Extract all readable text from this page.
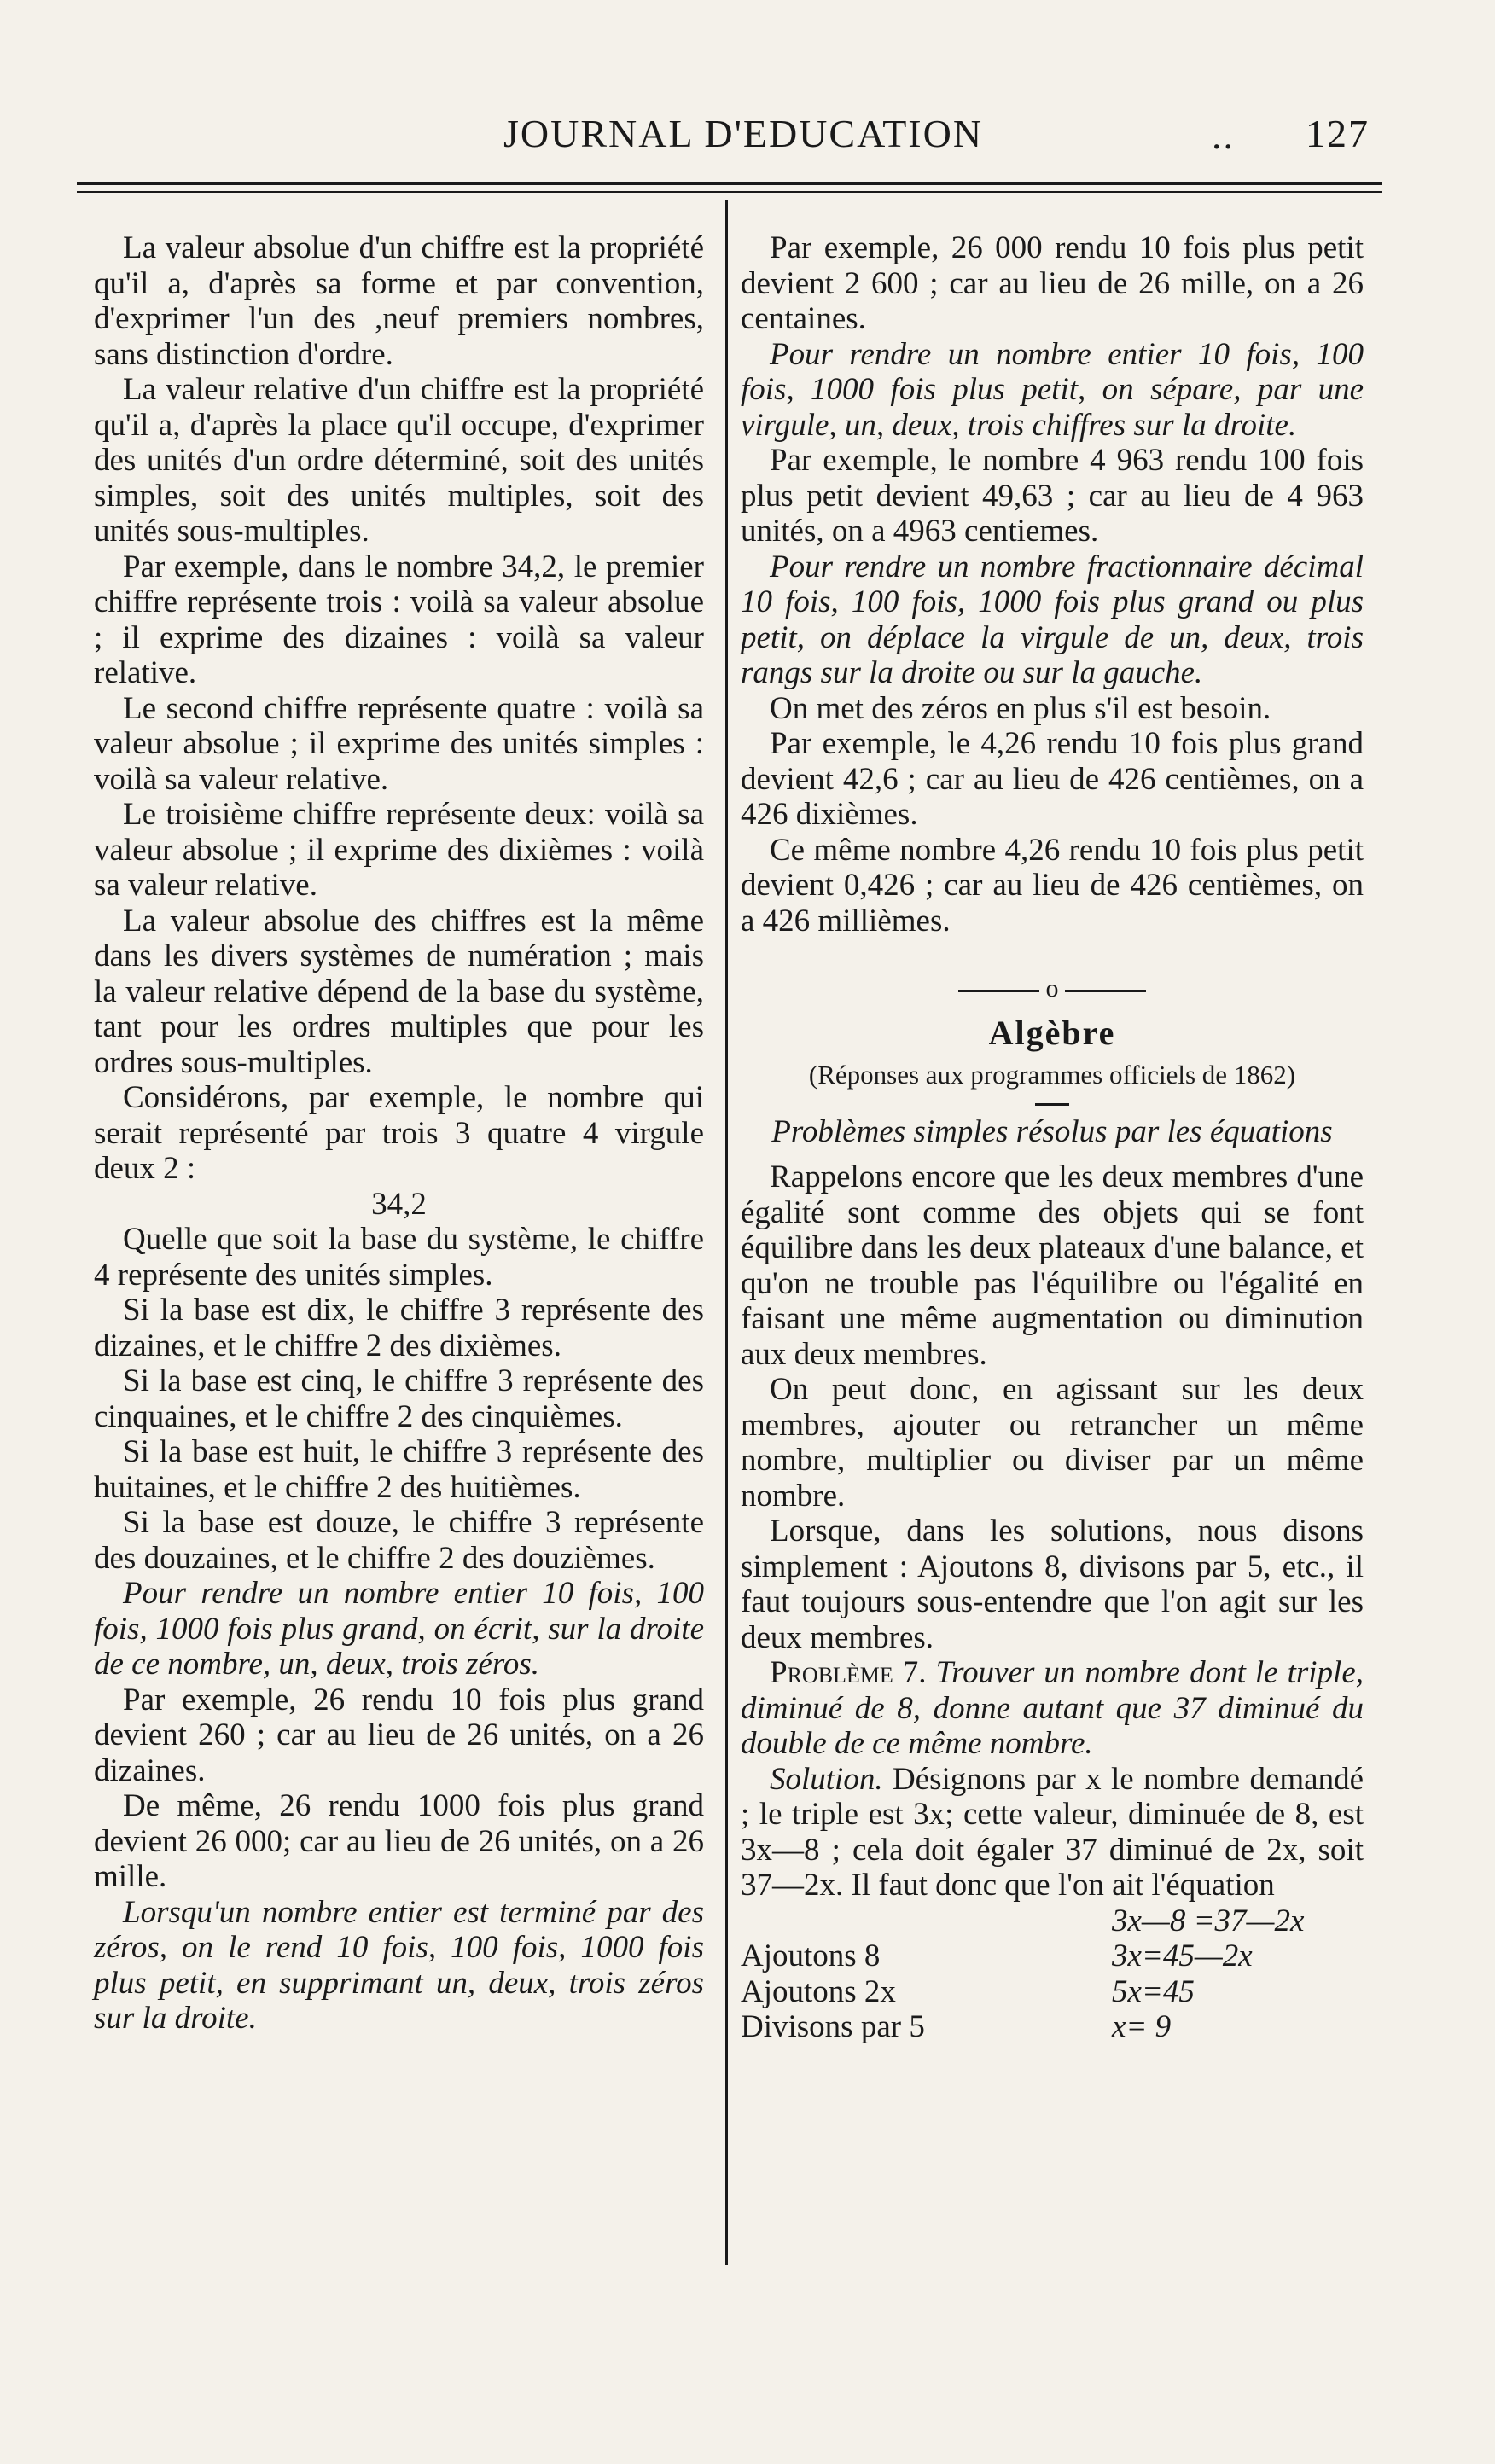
JOURNAL D'EDUCATION	.. 127

La valeur absolue d'un chiffre est la propriété qu'il a, d'après sa forme et par convention, d'exprimer l'un des ,neuf premiers nombres, sans distinction d'ordre.

La valeur relative d'un chiffre est la propriété qu'il a, d'après la place qu'il occupe, d'exprimer des unités d'un ordre déterminé, soit des unités simples, soit des unités multiples, soit des unités sous-multiples.

Par exemple, dans le nombre 34,2, le premier chiffre représente trois : voilà sa valeur absolue ; il exprime des dizaines : voilà sa valeur relative.

Le second chiffre représente quatre : voilà sa valeur absolue ; il exprime des unités simples : voilà sa valeur relative.

Le troisième chiffre représente deux: voilà sa valeur absolue ; il exprime des dixièmes : voilà sa valeur relative.

La valeur absolue des chiffres est la même dans les divers systèmes de numération ; mais la valeur relative dépend de la base du système, tant pour les ordres multiples que pour les ordres sous-multiples.

Considérons, par exemple, le nombre qui serait représenté par trois 3 quatre 4 virgule deux 2 :

34,2

Quelle que soit la base du système, le chiffre 4 représente des unités simples.

Si la base est dix, le chiffre 3 représente des dizaines, et le chiffre 2 des dixièmes.

Si la base est cinq, le chiffre 3 représente des cinquaines, et le chiffre 2 des cinquièmes.

Si la base est huit, le chiffre 3 représente des huitaines, et le chiffre 2 des huitièmes.

Si la base est douze, le chiffre 3 représente des douzaines, et le chiffre 2 des douzièmes.

Pour rendre un nombre entier 10 fois, 100 fois, 1000 fois plus grand, on écrit, sur la droite de ce nombre, un, deux, trois zéros.

Par exemple, 26 rendu 10 fois plus grand devient 260 ; car au lieu de 26 unités, on a 26 dizaines.

De même, 26 rendu 1000 fois plus grand devient 26 000; car au lieu de 26 unités, on a 26 mille.

Lorsqu'un nombre entier est terminé par des zéros, on le rend 10 fois, 100 fois, 1000 fois plus petit, en supprimant un, deux, trois zéros sur la droite.

Par exemple, 26 000 rendu 10 fois plus petit devient 2 600 ; car au lieu de 26 mille, on a 26 centaines.

Pour rendre un nombre entier 10 fois, 100 fois, 1000 fois plus petit, on sépare, par une virgule, un, deux, trois chiffres sur la droite.

Par exemple, le nombre 4 963 rendu 100 fois plus petit devient 49,63 ; car au lieu de 4 963 unités, on a 4963 centiemes.

Pour rendre un nombre fractionnaire décimal 10 fois, 100 fois, 1000 fois plus grand ou plus petit, on déplace la virgule de un, deux, trois rangs sur la droite ou sur la gauche.

On met des zéros en plus s'il est besoin.

Par exemple, le 4,26 rendu 10 fois plus grand devient 42,6 ; car au lieu de 426 centièmes, on a 426 dixièmes.

Ce même nombre 4,26 rendu 10 fois plus petit devient 0,426 ; car au lieu de 426 centièmes, on a 426 millièmes.

o
Algèbre
(Réponses aux programmes officiels de 1862)
Problèmes simples résolus par les équations

Rappelons encore que les deux membres d'une égalité sont comme des objets qui se font équilibre dans les deux plateaux d'une balance, et qu'on ne trouble pas l'équilibre ou l'égalité en faisant une même augmentation ou diminution aux deux membres.

On peut donc, en agissant sur les deux membres, ajouter ou retrancher un même nombre, multiplier ou diviser par un même nombre.

Lorsque, dans les solutions, nous disons simplement : Ajoutons 8, divisons par 5, etc., il faut toujours sous-entendre que l'on agit sur les deux membres.

Problème 7. Trouver un nombre dont le triple, diminué de 8, donne autant que 37 diminué du double de ce même nombre.

Solution. Désignons par x le nombre demandé ; le triple est 3x; cette valeur, diminuée de 8, est 3x—8 ; cela doit égaler 37 diminué de 2x, soit 37—2x. Il faut donc que l'on ait l'équation

3x—8 =37—2x
Ajoutons 8	3x=45—2x
Ajoutons 2x	5x=45
Divisons par 5	x= 9
